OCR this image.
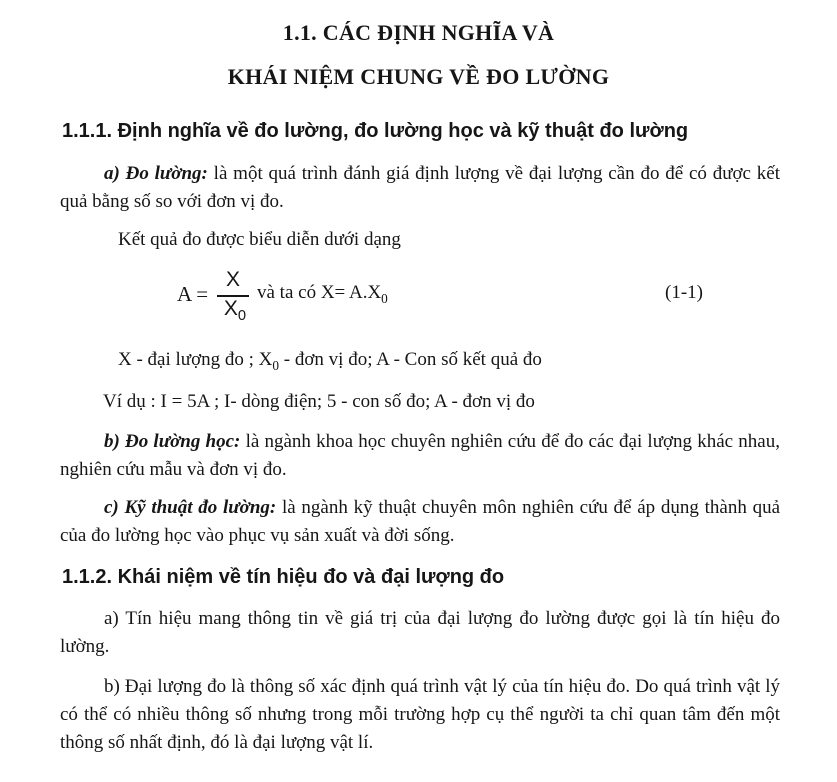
1.1. CÁC ĐỊNH NGHĨA VÀ
KHÁI NIỆM CHUNG VỀ ĐO LƯỜNG
1.1.1. Định nghĩa về đo lường, đo lường học và kỹ thuật đo lường
a) Đo lường: là một quá trình đánh giá định lượng về đại lượng cần đo để có được kết quả bằng số so với đơn vị đo.
Kết quả đo được biểu diễn dưới dạng
A =
X
$X_0$
và ta có $X= A.X_0$	(1-1)
X - đại lượng đo ; $X_0$ - đơn vị đo; A - Con số kết quả đo
Ví dụ : I = 5A ; I- dòng điện; 5 - con số đo; A - đơn vị đo
b) Đo lường học: là ngành khoa học chuyên nghiên cứu để đo các đại lượng khác nhau, nghiên cứu mẫu và đơn vị đo.
c) Kỹ thuật đo lường: là ngành kỹ thuật chuyên môn nghiên cứu để áp dụng thành quả của đo lường học vào phục vụ sản xuất và đời sống.
1.1.2. Khái niệm về tín hiệu đo và đại lượng đo
a) Tín hiệu mang thông tin về giá trị của đại lượng đo lường được gọi là tín hiệu đo lường.
b) Đại lượng đo là thông số xác định quá trình vật lý của tín hiệu đo. Do quá trình vật lý có thể có nhiều thông số nhưng trong mỗi trường hợp cụ thể người ta chỉ quan tâm đến một thông số nhất định, đó là đại lượng vật lí.
